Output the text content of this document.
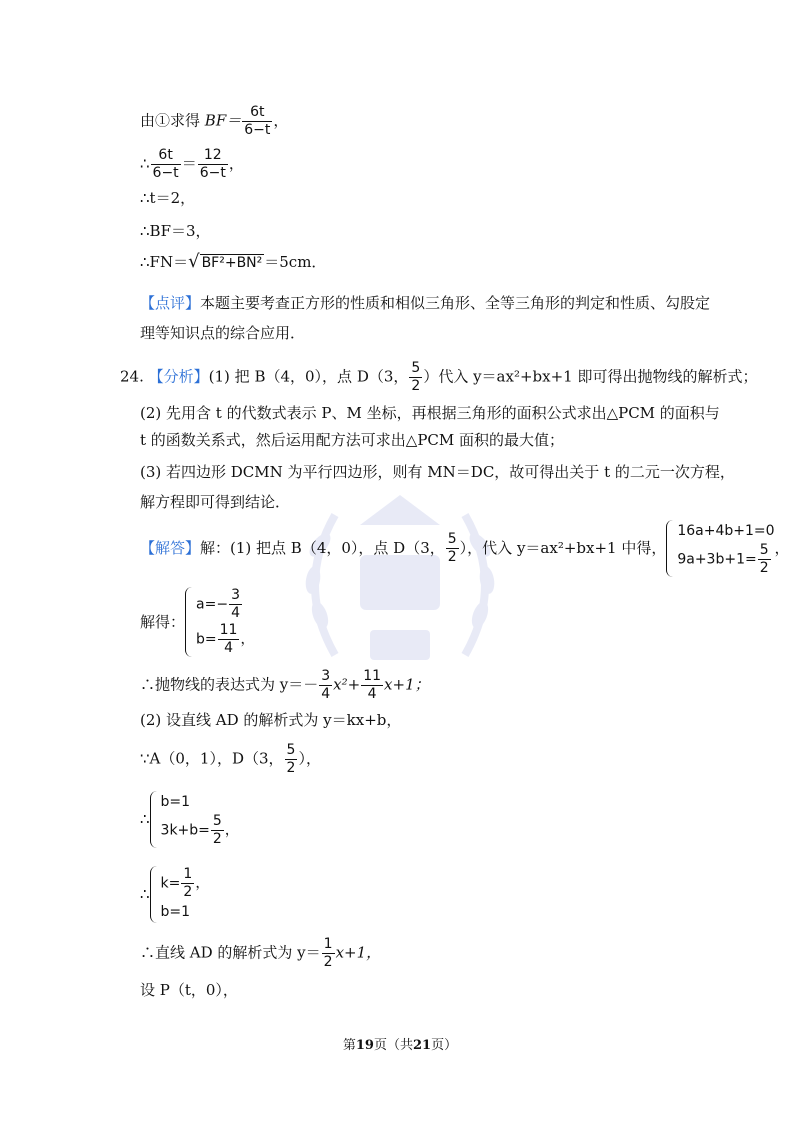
由①求得 $BF= \frac{6t}{6-t}$ ，
∴ $\frac{6t}{6-t} = \frac{12}{6-t}$ ，
∴t＝2，
∴BF＝3，
∴FN＝√ BF²+BN² ＝5cm．
【点评】本题主要考查正方形的性质和相似三角形、全等三角形的判定和性质、勾股定
理等知识点的综合应用．
24. 【分析】(1) 把 B（4，0），点 D（3， $\frac{5}{2}$ ）代入 y＝ax²+bx+1 即可得出抛物线的解析式；
(2) 先用含 t 的代数式表示 P、M 坐标，再根据三角形的面积公式求出△PCM 的面积与
t 的函数关系式，然后运用配方法可求出△PCM 面积的最大值；
(3) 若四边形 DCMN 为平行四边形，则有 MN＝DC，故可得出关于 t 的二元一次方程，
解方程即可得到结论．
【解答】 解：(1) 把点 B（4，0），点 D（3， $\frac{5}{2}$ ），代入 y＝ax²+bx+1 中得，
16a+4b+1=0
$9a+3b+1= \frac{5}{2}$ ，
解得：
$a=- \frac{3}{4}$
$b= \frac{11}{4}$ ，
∴抛物线的表达式为 $y=- \frac{3}{4} x^2+ \frac{11}{4} x+1$；
(2) 设直线 AD 的解析式为 y＝kx+b，
∵A（0，1），D（3， $\frac{5}{2}$ ），
∴
b=1
$3k+b= \frac{5}{2}$ ，
∴
$k= \frac{1}{2}$ ，
b=1
∴直线 AD 的解析式为 $y= \frac{1}{2} x+1$，
设 P（t，0），
第19页（共21页）
